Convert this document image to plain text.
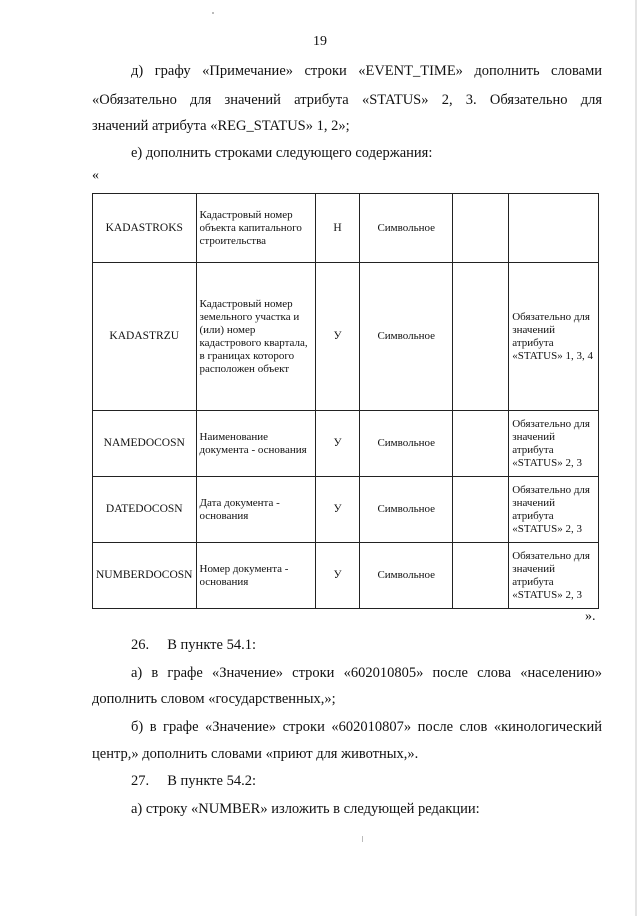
19
д) графу «Примечание» строки «EVENT_TIME» дополнить словами
«Обязательно для значений атрибута «STATUS» 2, 3. Обязательно для
значений атрибута «REG_STATUS» 1, 2»;
е) дополнить строками следующего содержания:
«
KADASTROKS	Кадастровый номер объекта капитального строительства	Н	Символьное		
KADASTRZU	Кадастровый номер земельного участка и (или) номер кадастрового квартала, в границах которого расположен объект	У	Символьное		Обязательно для значений атрибута «STATUS» 1, 3, 4
NAMEDOCOSN	Наименование документа - основания	У	Символьное		Обязательно для значений атрибута «STATUS» 2, 3
DATEDOCOSN	Дата документа - основания	У	Символьное		Обязательно для значений атрибута «STATUS» 2, 3
NUMBERDOCOSN	Номер документа - основания	У	Символьное		Обязательно для значений атрибута «STATUS» 2, 3
».
26.  В пункте 54.1:
а) в графе «Значение» строки «602010805» после слова «населению»
дополнить словом «государственных,»;
б) в графе «Значение» строки «602010807» после слов «кинологический
центр,» дополнить словами «приют для животных,».
27.  В пункте 54.2:
а) строку «NUMBER» изложить в следующей редакции:
